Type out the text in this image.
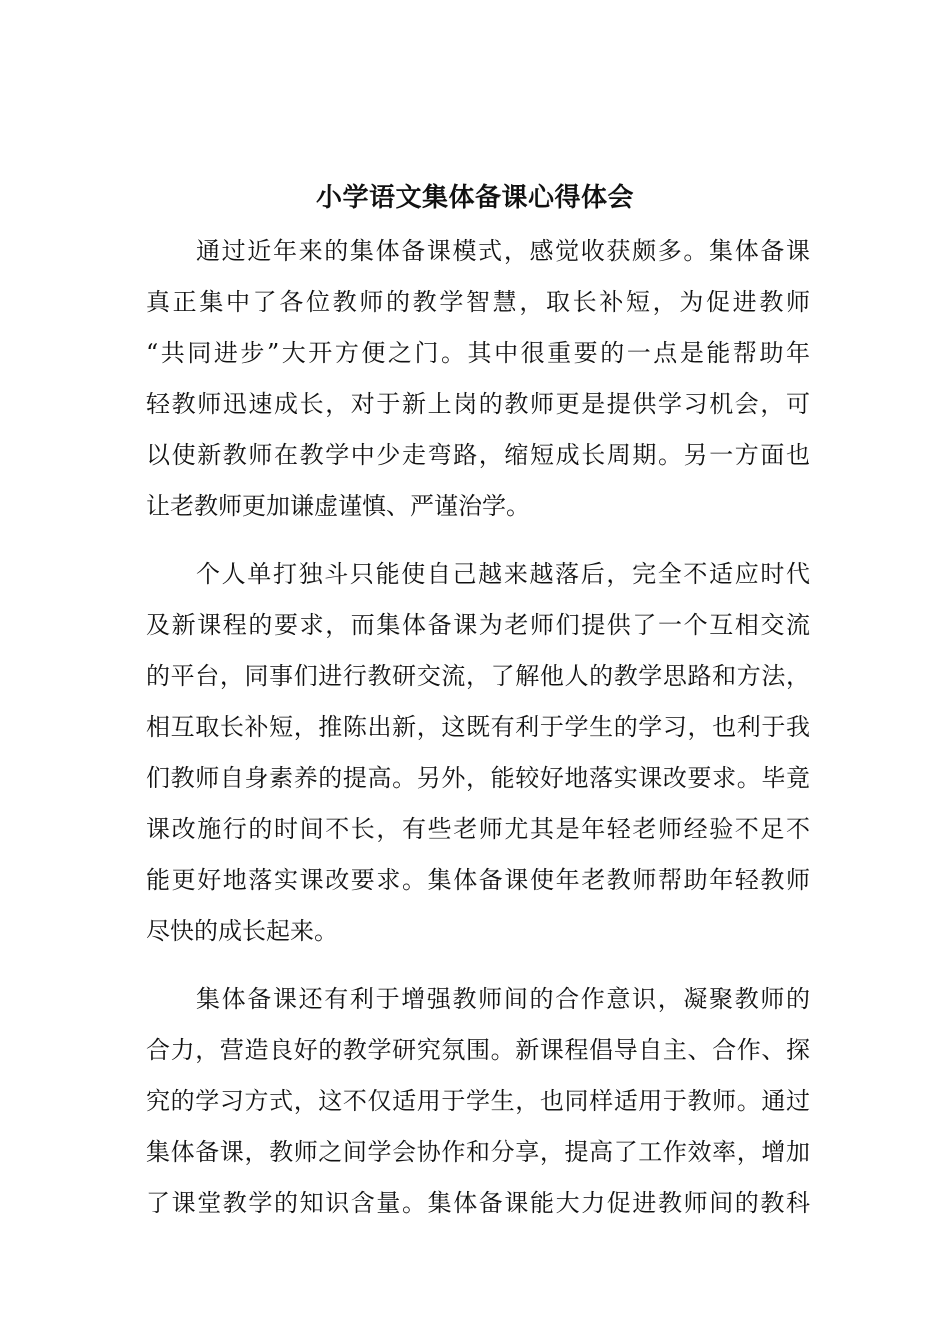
小学语文集体备课心得体会
通过近年来的集体备课模式，感觉收获颇多。集体备课
真正集中了各位教师的教学智慧，取长补短，为促进教师
“共同进步”大开方便之门。其中很重要的一点是能帮助年
轻教师迅速成长，对于新上岗的教师更是提供学习机会，可
以使新教师在教学中少走弯路，缩短成长周期。另一方面也
让老教师更加谦虚谨慎、严谨治学。
个人单打独斗只能使自己越来越落后，完全不适应时代
及新课程的要求，而集体备课为老师们提供了一个互相交流
的平台，同事们进行教研交流，了解他人的教学思路和方法，
相互取长补短，推陈出新，这既有利于学生的学习，也利于我
们教师自身素养的提高。另外，能较好地落实课改要求。毕竟
课改施行的时间不长，有些老师尤其是年轻老师经验不足不
能更好地落实课改要求。集体备课使年老教师帮助年轻教师
尽快的成长起来。
集体备课还有利于增强教师间的合作意识，凝聚教师的
合力，营造良好的教学研究氛围。新课程倡导自主、合作、探
究的学习方式，这不仅适用于学生，也同样适用于教师。通过
集体备课，教师之间学会协作和分享，提高了工作效率，增加
了课堂教学的知识含量。集体备课能大力促进教师间的教科
